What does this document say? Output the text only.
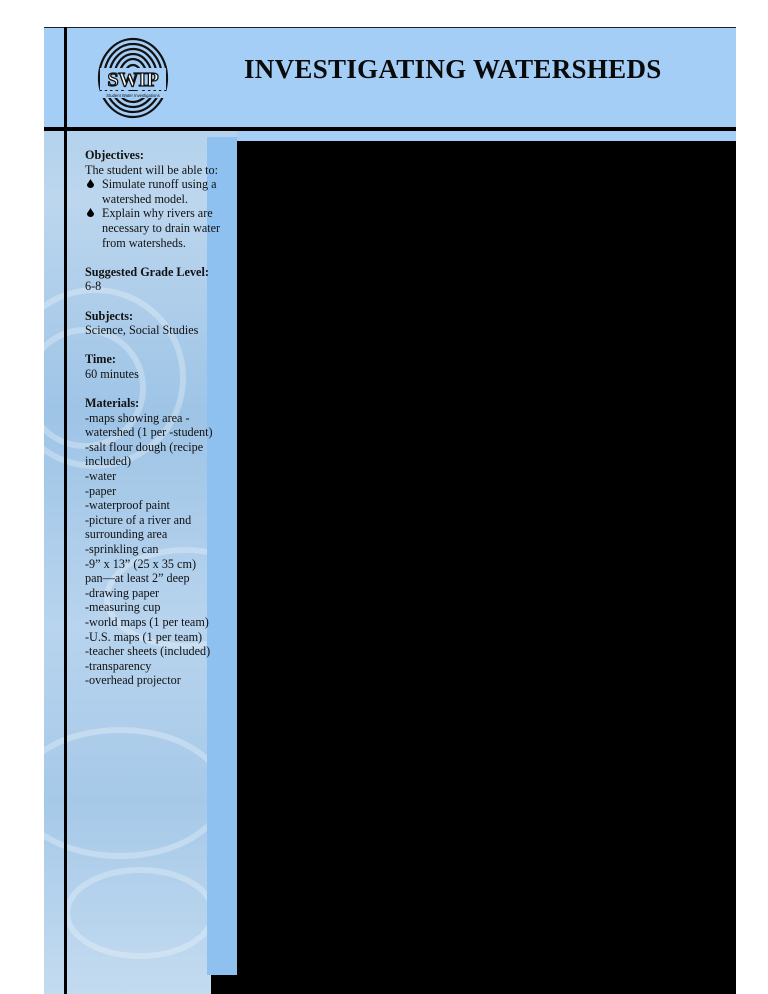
SWIP
Student Water Investigations
INVESTIGATING WATERSHEDS
Objectives:

The student will be able to:

Simulate runoff using a watershed model.
Explain why rivers are necessary to drain water from watersheds.
Suggested Grade Level:

6-8

Subjects:

Science, Social Studies

Time:

60 minutes

Materials:

-maps showing area -

watershed (1 per -student)

-salt flour dough (recipe

included)

-water

-paper

-waterproof paint

-picture of a river and

surrounding area

-sprinkling can

-9” x 13” (25 x 35 cm)

pan—at least 2” deep

-drawing paper

-measuring cup

-world maps (1 per team)

-U.S. maps (1 per team)

-teacher sheets (included)

-transparency

-overhead projector
